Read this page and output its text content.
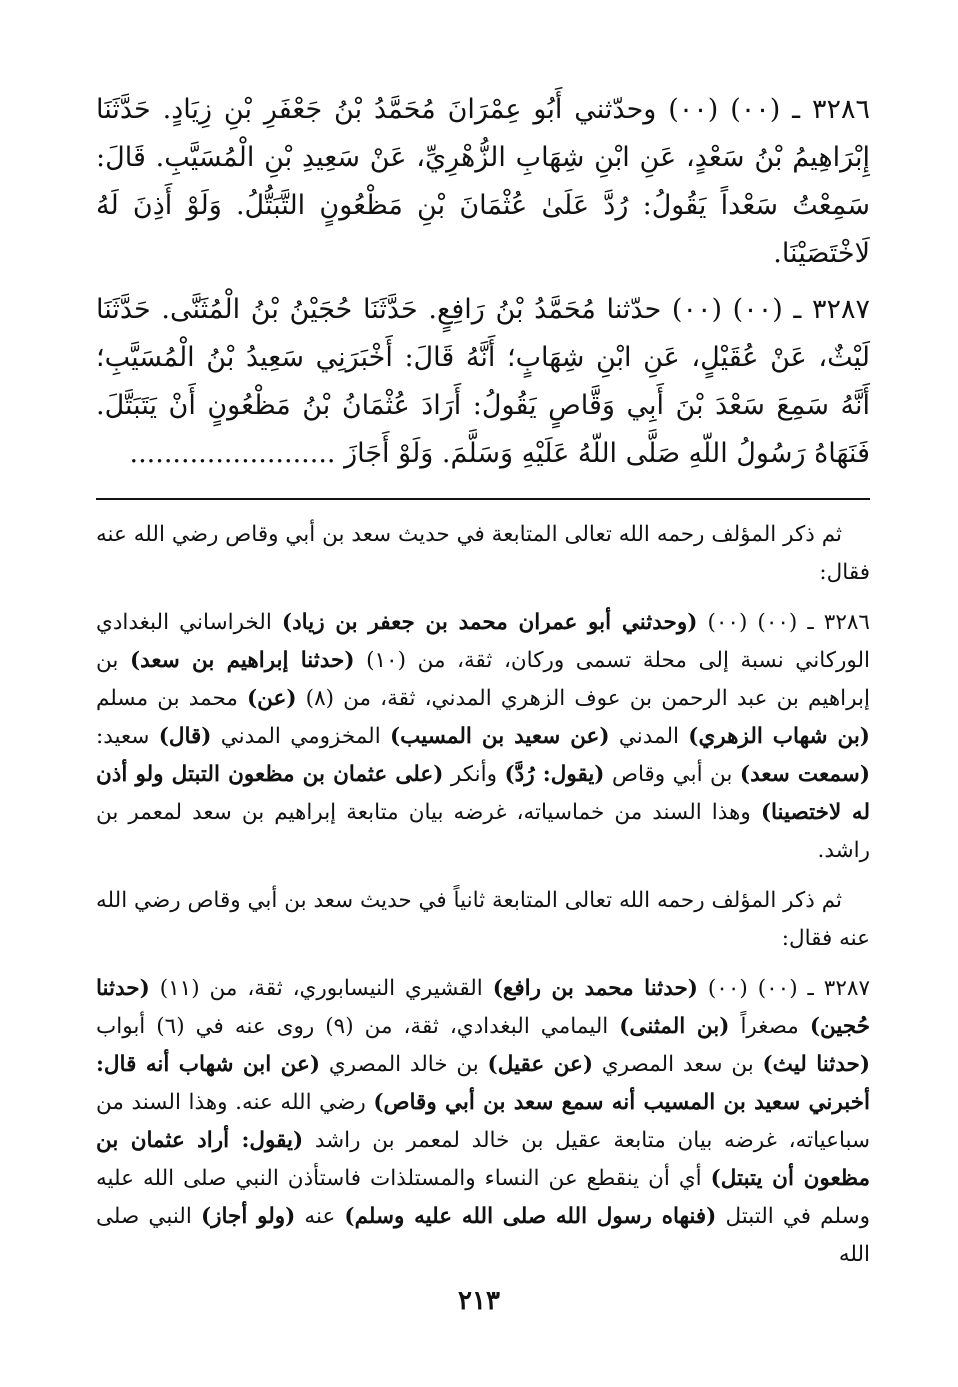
٣٢٨٦ ـ (٠٠) (٠٠) وحدّثني أَبُو عِمْرَانَ مُحَمَّدُ بْنُ جَعْفَرِ بْنِ زِيَادٍ. حَدَّثَنَا إِبْرَاهِيمُ بْنُ سَعْدٍ، عَنِ ابْنِ شِهَابِ الزُّهْرِيِّ، عَنْ سَعِيدِ بْنِ الْمُسَيَّبِ. قَالَ: سَمِعْتُ سَعْداً يَقُولُ: رُدَّ عَلَىٰ عُثْمَانَ بْنِ مَظْعُونٍ التَّبَتُّلُ. وَلَوْ أَذِنَ لَهُ لَاخْتَصَيْنَا.

٣٢٨٧ ـ (٠٠) (٠٠) حدّثنا مُحَمَّدُ بْنُ رَافِعٍ. حَدَّثَنَا حُجَيْنُ بْنُ الْمُثَنَّى. حَدَّثَنَا لَيْثٌ، عَنْ عُقَيْلٍ، عَنِ ابْنِ شِهَابٍ؛ أَنَّهُ قَالَ: أَخْبَرَنِي سَعِيدُ بْنُ الْمُسَيَّبِ؛ أَنَّهُ سَمِعَ سَعْدَ بْنَ أَبِي وَقَّاصٍ يَقُولُ: أَرَادَ عُثْمَانُ بْنُ مَظْعُونٍ أَنْ يَتَبَتَّلَ. فَنَهَاهُ رَسُولُ اللّهِ صَلَّى اللّهُ عَلَيْهِ وَسَلَّمَ. وَلَوْ أَجَازَ ........................

ثم ذكر المؤلف رحمه الله تعالى المتابعة في حديث سعد بن أبي وقاص رضي الله عنه فقال:

٣٢٨٦ ـ (٠٠) (٠٠) (وحدثني أبو عمران محمد بن جعفر بن زياد) الخراساني البغدادي الوركاني نسبة إلى محلة تسمى وركان، ثقة، من (١٠) (حدثنا إبراهيم بن سعد) بن إبراهيم بن عبد الرحمن بن عوف الزهري المدني، ثقة، من (٨) (عن) محمد بن مسلم (بن شهاب الزهري) المدني (عن سعيد بن المسيب) المخزومي المدني (قال) سعيد: (سمعت سعد) بن أبي وقاص (يقول: رُدَّ) وأنكر (على عثمان بن مظعون التبتل ولو أذن له لاختصينا) وهذا السند من خماسياته، غرضه بيان متابعة إبراهيم بن سعد لمعمر بن راشد.

ثم ذكر المؤلف رحمه الله تعالى المتابعة ثانياً في حديث سعد بن أبي وقاص رضي الله عنه فقال:

٣٢٨٧ ـ (٠٠) (٠٠) (حدثنا محمد بن رافع) القشيري النيسابوري، ثقة، من (١١) (حدثنا حُجين) مصغراً (بن المثنى) اليمامي البغدادي، ثقة، من (٩) روى عنه في (٦) أبواب (حدثنا ليث) بن سعد المصري (عن عقيل) بن خالد المصري (عن ابن شهاب أنه قال: أخبرني سعيد بن المسيب أنه سمع سعد بن أبي وقاص) رضي الله عنه. وهذا السند من سباعياته، غرضه بيان متابعة عقيل بن خالد لمعمر بن راشد (يقول: أراد عثمان بن مظعون أن يتبتل) أي أن ينقطع عن النساء والمستلذات فاستأذن النبي صلى الله عليه وسلم في التبتل (فنهاه رسول الله صلى الله عليه وسلم) عنه (ولو أجاز) النبي صلى الله

٢١٣
